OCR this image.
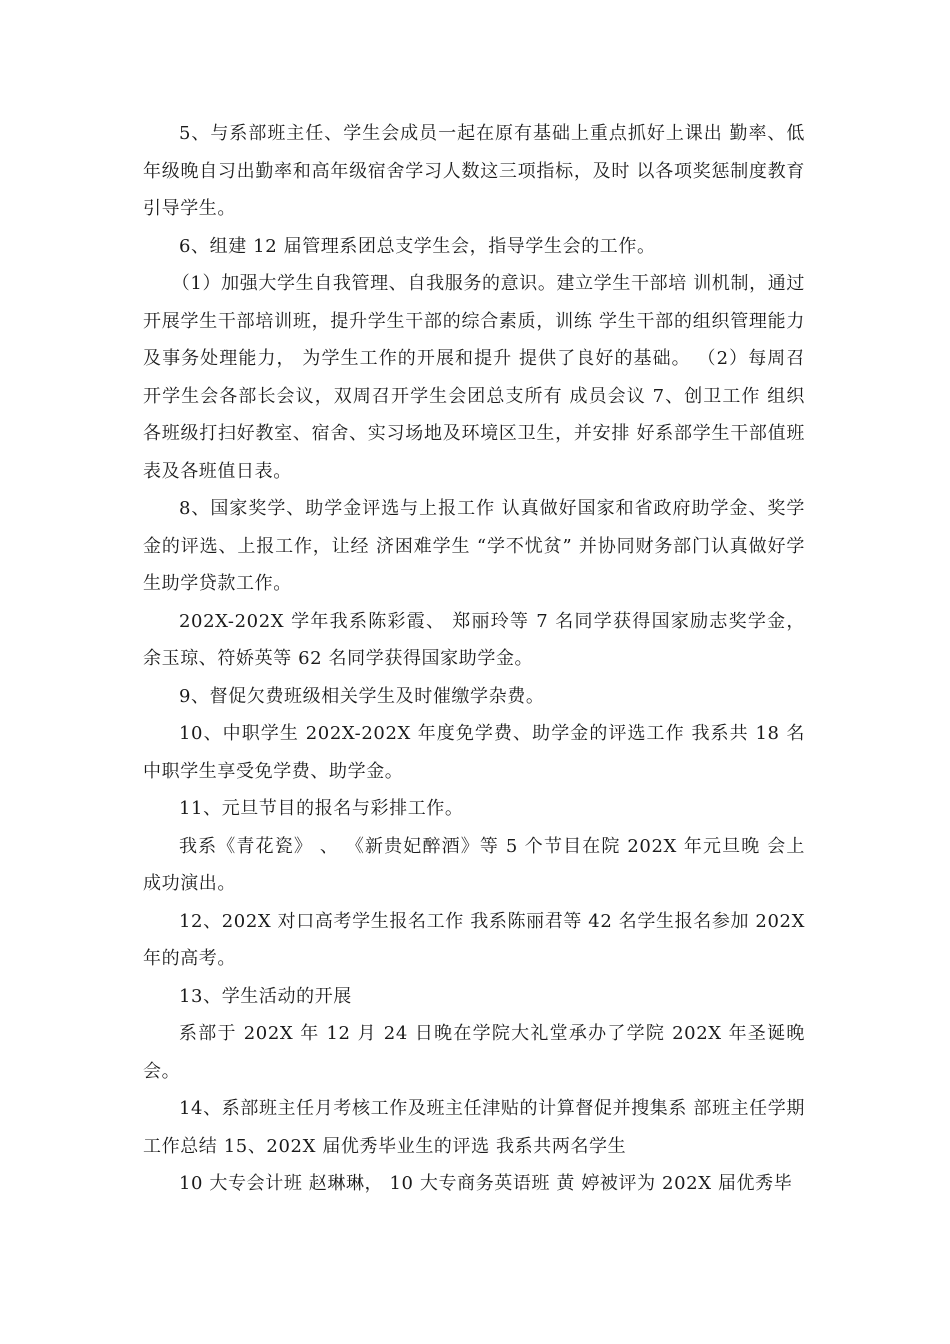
5、与系部班主任、学生会成员一起在原有基础上重点抓好上课出 勤率、低年级晚自习出勤率和高年级宿舍学习人数这三项指标，及时 以各项奖惩制度教育引导学生。

6、组建 12 届管理系团总支学生会，指导学生会的工作。

（1）加强大学生自我管理、自我服务的意识。建立学生干部培 训机制，通过开展学生干部培训班，提升学生干部的综合素质，训练 学生干部的组织管理能力及事务处理能力， 为学生工作的开展和提升 提供了良好的基础。 （2）每周召开学生会各部长会议，双周召开学生会团总支所有 成员会议 7、创卫工作 组织各班级打扫好教室、宿舍、实习场地及环境区卫生，并安排 好系部学生干部值班表及各班值日表。

8、国家奖学、助学金评选与上报工作 认真做好国家和省政府助学金、奖学金的评选、上报工作，让经 济困难学生 “学不忧贫” 并协同财务部门认真做好学生助学贷款工作。

202X-202X 学年我系陈彩霞、 郑丽玲等 7 名同学获得国家励志奖学金， 余玉琼、符娇英等 62 名同学获得国家助学金。

9、督促欠费班级相关学生及时催缴学杂费。

10、中职学生 202X-202X 年度免学费、助学金的评选工作 我系共 18 名中职学生享受免学费、助学金。

11、元旦节目的报名与彩排工作。

我系《青花瓷》 、 《新贵妃醉酒》等 5 个节目在院 202X 年元旦晚 会上成功演出。

12、202X 对口高考学生报名工作 我系陈丽君等 42 名学生报名参加 202X 年的高考。

13、学生活动的开展

系部于 202X 年 12 月 24 日晚在学院大礼堂承办了学院 202X 年圣诞晚会。

14、系部班主任月考核工作及班主任津贴的计算督促并搜集系 部班主任学期工作总结 15、202X 届优秀毕业生的评选 我系共两名学生

10 大专会计班 赵琳琳， 10 大专商务英语班 黄 婷被评为 202X 届优秀毕
